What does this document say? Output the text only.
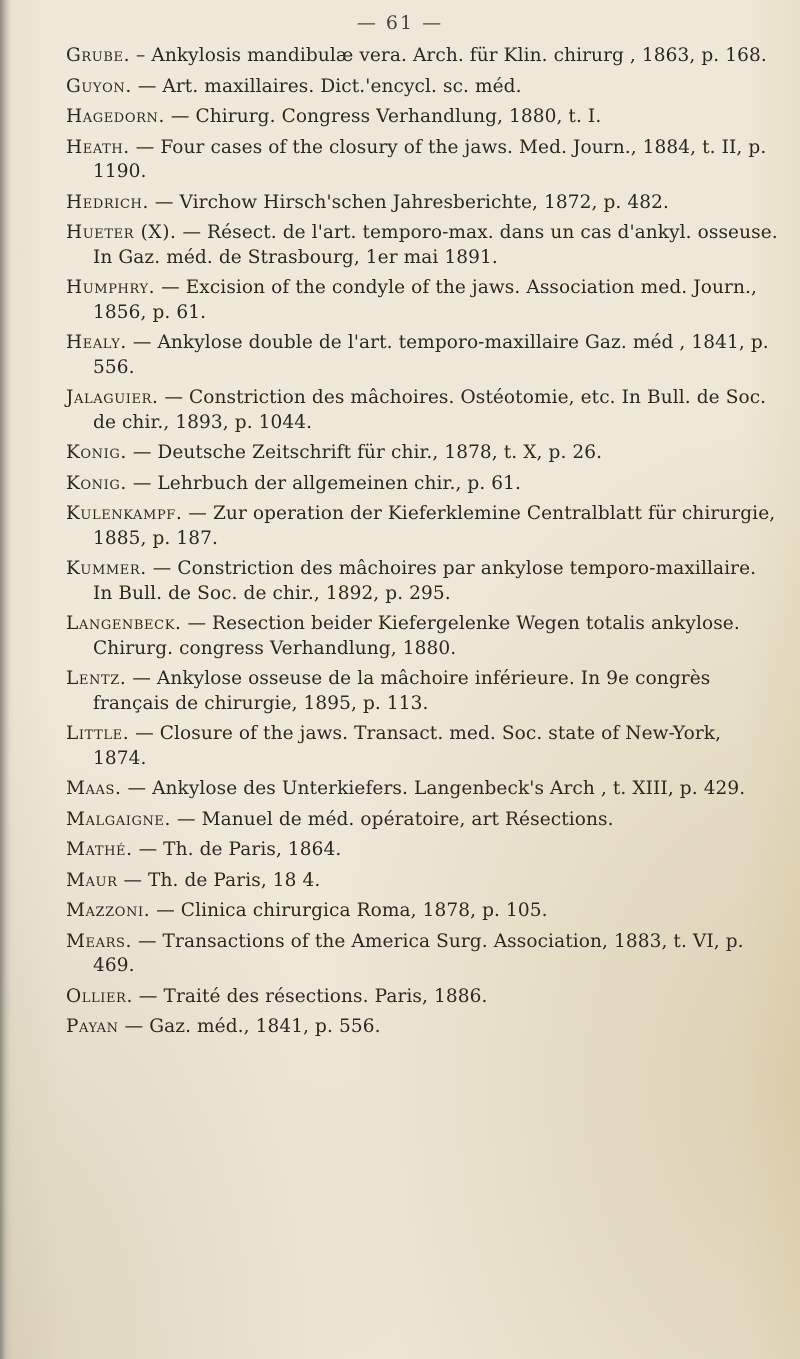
— 61 —
Grube. – Ankylosis mandibulæ vera. Arch. für Klin. chirurg , 1863, p. 168.
Guyon. — Art. maxillaires. Dict.'encycl. sc. méd.
Hagedorn. — Chirurg. Congress Verhandlung, 1880, t. I.
Heath. — Four cases of the closury of the jaws. Med. Journ., 1884, t. II, p. 1190.
Hedrich. — Virchow Hirsch'schen Jahresberichte, 1872, p. 482.
Hueter (X). — Résect. de l'art. temporo-max. dans un cas d'ankyl. osseuse. In Gaz. méd. de Strasbourg, 1er mai 1891.
Humphry. — Excision of the condyle of the jaws. Association med. Journ., 1856, p. 61.
Healy. — Ankylose double de l'art. temporo-maxillaire Gaz. méd , 1841, p. 556.
Jalaguier. — Constriction des mâchoires. Ostéotomie, etc. In Bull. de Soc. de chir., 1893, p. 1044.
Konig. — Deutsche Zeitschrift für chir., 1878, t. X, p. 26.
Konig. — Lehrbuch der allgemeinen chir., p. 61.
Kulenkampf. — Zur operation der Kieferklemine Centralblatt für chirurgie, 1885, p. 187.
Kummer. — Constriction des mâchoires par ankylose temporo-maxillaire. In Bull. de Soc. de chir., 1892, p. 295.
Langenbeck. — Resection beider Kiefergelenke Wegen totalis ankylose. Chirurg. congress Verhandlung, 1880.
Lentz. — Ankylose osseuse de la mâchoire inférieure. In 9e congrès français de chirurgie, 1895, p. 113.
Little. — Closure of the jaws. Transact. med. Soc. state of New-York, 1874.
Maas. — Ankylose des Unterkiefers. Langenbeck's Arch , t. XIII, p. 429.
Malgaigne. — Manuel de méd. opératoire, art Résections.
Mathé. — Th. de Paris, 1864.
Maur — Th. de Paris, 18 4.
Mazzoni. — Clinica chirurgica Roma, 1878, p. 105.
Mears. — Transactions of the America Surg. Association, 1883, t. VI, p. 469.
Ollier. — Traité des résections. Paris, 1886.
Payan — Gaz. méd., 1841, p. 556.
